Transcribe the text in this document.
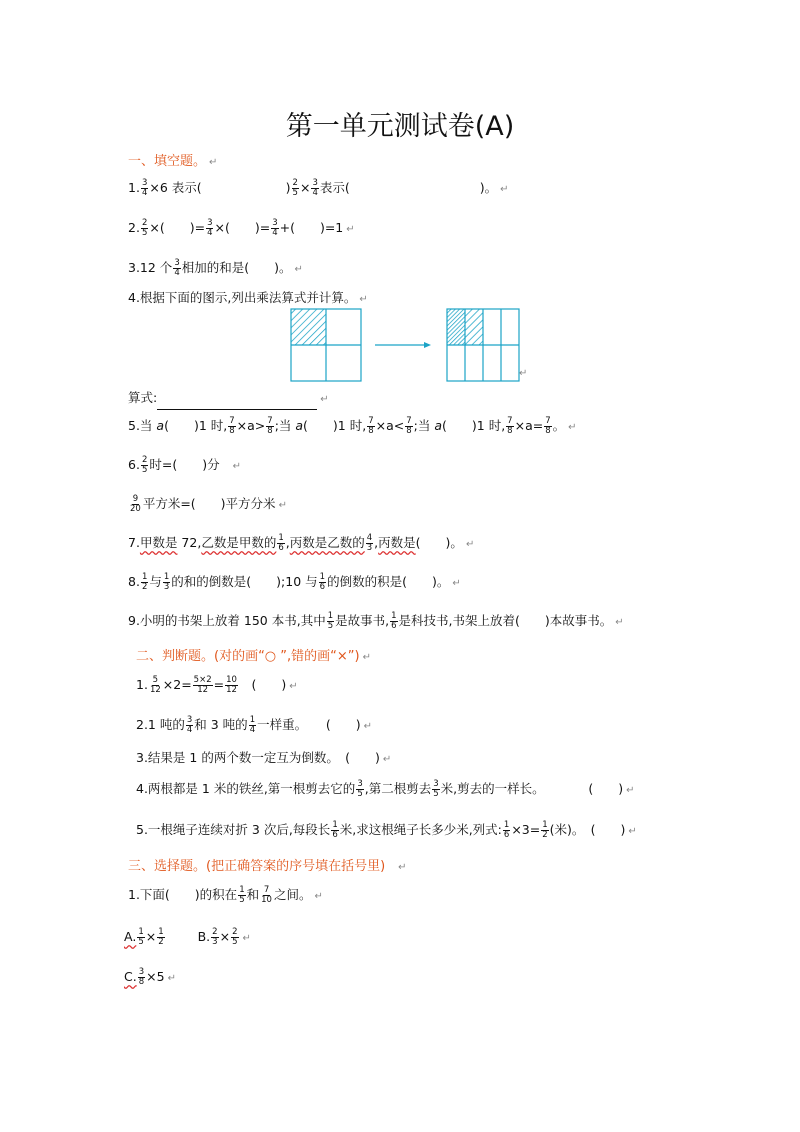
第一单元测试卷(A)
一、填空题。 ↵
1. $\frac{3}{4} \times 6$ 表示(	) $\frac{2}{5} \times \frac{3}{4}$ 表示(	)。 ↵
2. $\frac{2}{5}$ ×(　　)= $\frac{3}{4}$ ×(　　)= $\frac{3}{4}$ +(　　)=1 ↵
3.12 个 $\frac{3}{4}$ 相加的和是(　　)。 ↵
4.根据下面的图示,列出乘法算式并计算。 ↵
↵
算式:	↵
5.当 a(　　)1 时, $\frac{7}{8} \times a> \frac{7}{8}$ ;当 a(　　)1 时, $\frac{7}{8} \times a< \frac{7}{8}$ ;当 a(　　)1 时, $\frac{7}{8} \times a= \frac{7}{8}$ 。 ↵
6. $\frac{2}{5}$ 时=(　　)分　↵
$\frac{9}{20}$ 平方米=(　　)平方分米 ↵
7.甲数是 72,乙数是甲数的 $\frac{1}{6}$ ,丙数是乙数的 $\frac{4}{3}$ ,丙数是(　　)。 ↵
8. $\frac{1}{2}$ 与 $\frac{1}{3}$ 的和的倒数是(　　);10 与 $\frac{1}{6}$ 的倒数的积是(　　)。 ↵
9.小明的书架上放着 150 本书,其中 $\frac{1}{5}$ 是故事书, $\frac{1}{6}$ 是科技书,书架上放着(　　)本故事书。 ↵
二、判断题。(对的画“○ ”,错的画“×”) ↵
1. $\frac{5}{12} \times 2= \frac{5\times 2}{12} = \frac{10}{12}$ 　(　　) ↵
2.1 吨的 $\frac{3}{4}$ 和 3 吨的 $\frac{1}{4}$ 一样重。　　(　　) ↵
3.结果是 1 的两个数一定互为倒数。　(　　) ↵
4.两根都是 1 米的铁丝,第一根剪去它的 $\frac{3}{5}$ ,第二根剪去 $\frac{3}{5}$ 米,剪去的一样长。　　　　(　　) ↵
5.一根绳子连续对折 3 次后,每段长 $\frac{1}{6}$ 米,求这根绳子长多少米,列式: $\frac{1}{6} \times 3= \frac{1}{2}$ (米)。　(　　) ↵
三、选择题。(把正确答案的序号填在括号里)　↵
1.下面(　　)的积在 $\frac{1}{5}$ 和 $\frac{7}{10}$ 之间。 ↵
A. $\frac{1}{5} \times \frac{1}{2}$	B. $\frac{2}{3} \times \frac{2}{5}$ ↵
C. $\frac{3}{8} \times 5$ ↵
